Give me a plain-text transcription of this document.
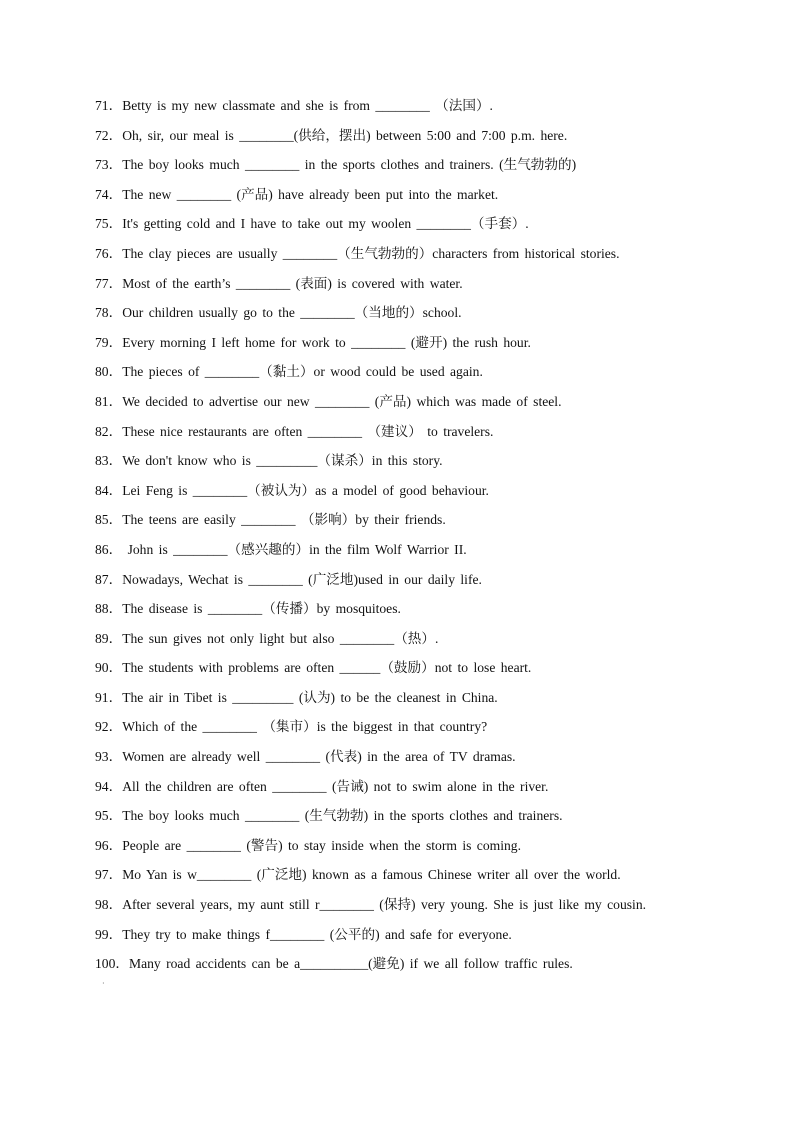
71．Betty is my new classmate and she is from ________ （法国）.
72．Oh, sir, our meal is ________(供给，摆出) between 5:00 and 7:00 p.m. here.
73．The boy looks much ________ in the sports clothes and trainers. (生气勃勃的)
74．The new ________ (产品) have already been put into the market.
75．It's getting cold and I have to take out my woolen ________（手套）.
76．The clay pieces are usually ________（生气勃勃的）characters from historical stories.
77．Most of the earth’s ________ (表面) is covered with water.
78．Our children usually go to the ________（当地的）school.
79．Every morning I left home for work to ________ (避开) the rush hour.
80．The pieces of ________（黏土）or wood could be used again.
81．We decided to advertise our new ________ (产品) which was made of steel.
82．These nice restaurants are often ________ （建议） to travelers.
83．We don't know who is _________（谋杀）in this story.
84．Lei Feng is ________（被认为）as a model of good behaviour.
85．The teens are easily ________ （影响）by their friends.
86． John is ________（感兴趣的）in the film Wolf Warrior II.
87．Nowadays, Wechat is ________ (广泛地)used in our daily life.
88．The disease is ________（传播）by mosquitoes.
89．The sun gives not only light but also ________（热）.
90．The students with problems are often ______（鼓励）not to lose heart.
91．The air in Tibet is _________ (认为) to be the cleanest in China.
92．Which of the ________ （集市）is the biggest in that country?
93．Women are already well ________ (代表) in the area of TV dramas.
94．All the children are often ________ (告诫) not to swim alone in the river.
95．The boy looks much ________ (生气勃勃) in the sports clothes and trainers.
96．People are ________ (警告) to stay inside when the storm is coming.
97．Mo Yan is w________ (广泛地) known as a famous Chinese writer all over the world.
98．After several years, my aunt still r________ (保持) very young. She is just like my cousin.
99．They try to make things f________ (公平的) and safe for everyone.
100．Many road accidents can be a__________(避免) if we all follow traffic rules.
·
